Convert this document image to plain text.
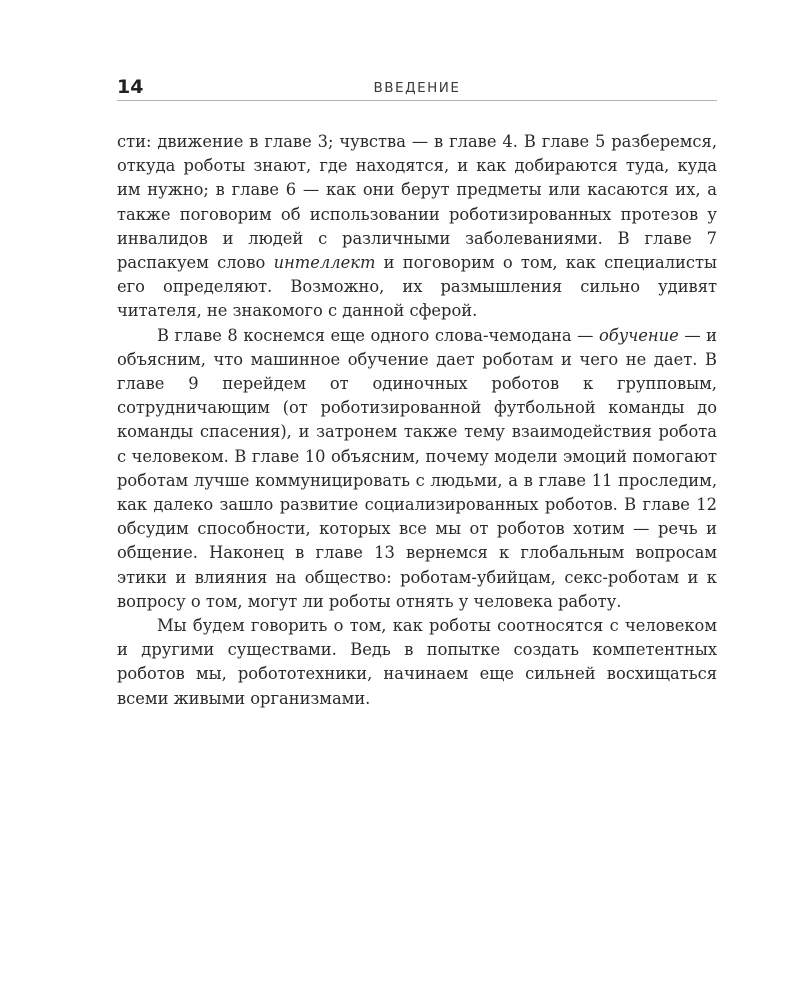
14	ВВЕДЕНИЕ

сти: движение в главе 3; чувства — в главе 4. В главе 5 разберемся, откуда роботы знают, где находятся, и как добираются туда, куда им нужно; в главе 6 — как они берут предметы или касаются их, а также поговорим об использовании роботизированных протезов у инвалидов и людей с различными заболеваниями. В главе 7 распакуем слово интеллект и поговорим о том, как специалисты его определяют. Возможно, их размышления сильно удивят читателя, не знакомого с данной сферой.

В главе 8 коснемся еще одного слова-чемодана — обучение — и объясним, что машинное обучение дает роботам и чего не дает. В главе 9 перейдем от одиночных роботов к групповым, сотрудничающим (от роботизированной футбольной команды до команды спасения), и затронем также тему взаимодействия робота с человеком. В главе 10 объясним, почему модели эмоций помогают роботам лучше коммуницировать с людьми, а в главе 11 проследим, как далеко зашло развитие социализированных роботов. В главе 12 обсудим способности, которых все мы от роботов хотим — речь и общение. Наконец в главе 13 вернемся к глобальным вопросам этики и влияния на общество: роботам-убийцам, секс-роботам и к вопросу о том, могут ли роботы отнять у человека работу.

Мы будем говорить о том, как роботы соотносятся с человеком и другими существами. Ведь в попытке создать компетентных роботов мы, робототехники, начинаем еще сильней восхищаться всеми живыми организмами.
